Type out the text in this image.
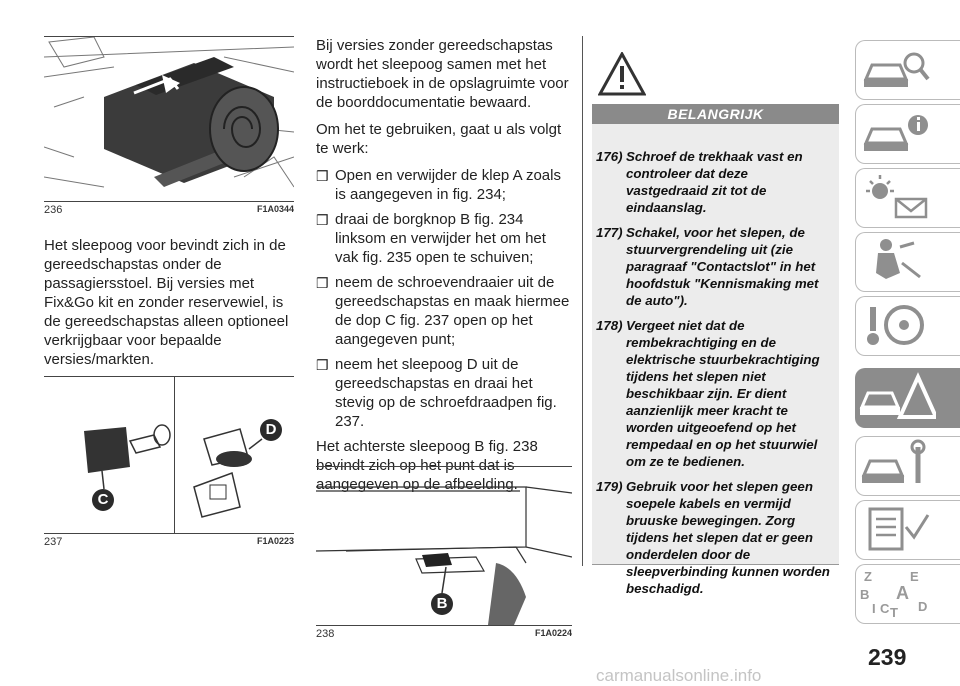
236	F1A0344

Het sleepoog voor bevindt zich in de gereedschapstas onder de passagiersstoel. Bij versies met Fix&Go kit en zonder reservewiel, is de gereedschapstas alleen optioneel verkrijgbaar voor bepaalde versies/markten.

C
D
237	F1A0223

Bij versies zonder gereedschapstas wordt het sleepoog samen met het instructieboek in de opslagruimte voor de boorddocumentatie bewaard.

Om het te gebruiken, gaat u als volgt te werk:

❒ Open en verwijder de klep A zoals is aangegeven in fig. 234;
❒ draai de borgknop B fig. 234 linksom en verwijder het om het vak fig. 235 open te schuiven;
❒ neem de schroevendraaier uit de gereedschapstas en maak hiermee de dop C fig. 237 open op het aangegeven punt;
❒ neem het sleepoog D uit de gereedschapstas en draai het stevig op de schroefdraadpen fig. 237.

Het achterste sleepoog B fig. 238 bevindt zich op het punt dat is aangegeven op de afbeelding.

B
238	F1A0224
BELANGRIJK
176) Schroef de trekhaak vast en controleer dat deze vastgedraaid zit tot de eindaanslag.
177) Schakel, voor het slepen, de stuurvergrendeling uit (zie paragraaf "Contactslot" in het hoofdstuk "Kennismaking met de auto").
178) Vergeet niet dat de rembekrachtiging en de elektrische stuurbekrachtiging tijdens het slepen niet beschikbaar zijn. Er dient aanzienlijk meer kracht te worden uitgeoefend op het rempedaal en op het stuurwiel om ze te bedienen.
179) Gebruik voor het slepen geen soepele kabels en vermijd bruuske bewegingen. Zorg tijdens het slepen dat er geen onderdelen door de sleepverbinding kunnen worden beschadigd.
Z	E
B A
I C T D
239
carmanualsonline.info
